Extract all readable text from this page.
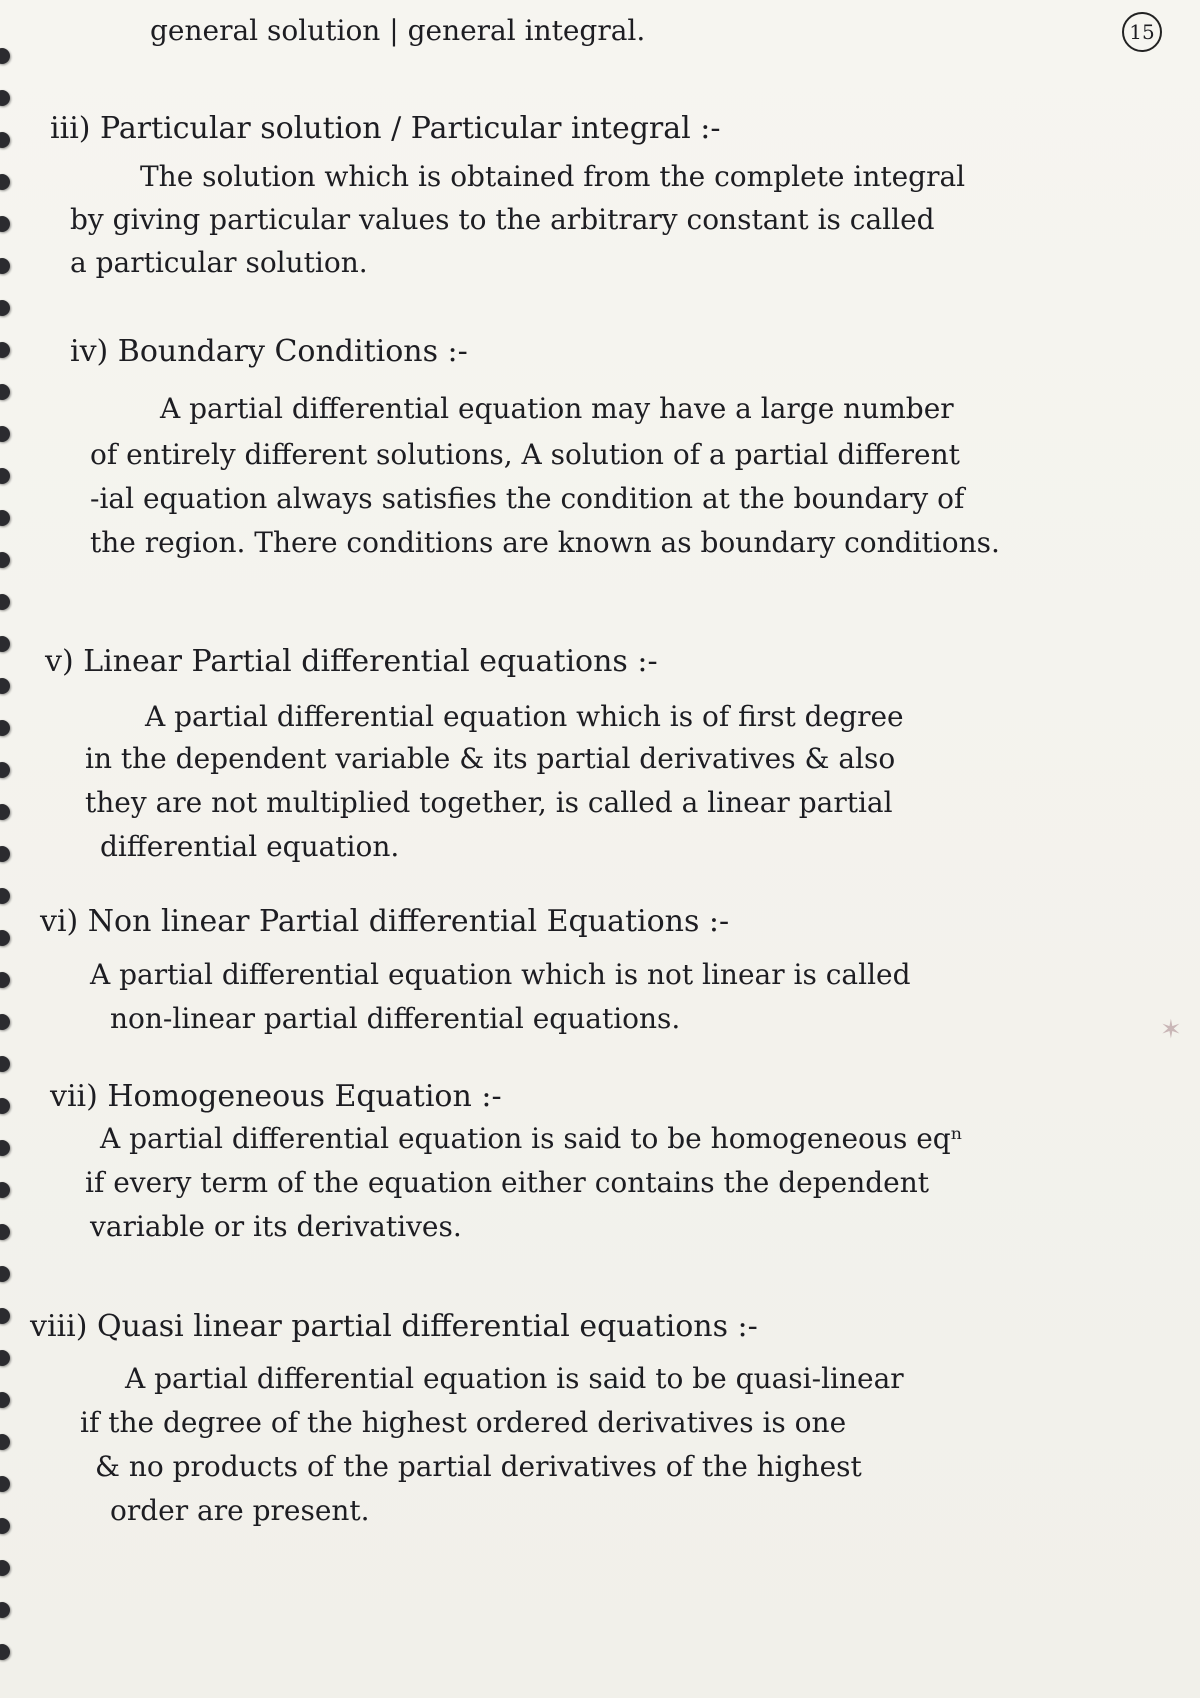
15
general solution | general integral.
iii) Particular solution / Particular integral :-
The solution which is obtained from the complete integral
by giving particular values to the arbitrary constant is called
a particular solution.
iv) Boundary Conditions :-
A partial differential equation may have a large number
of entirely different solutions, A solution of a partial different
-ial equation always satisfies the condition at the boundary of
the region. There conditions are known as boundary conditions.
v) Linear Partial differential equations :-
A partial differential equation which is of first degree
in the dependent variable & its partial derivatives & also
they are not multiplied together, is called a linear partial
differential equation.
vi) Non linear Partial differential Equations :-
A partial differential equation which is not linear is called
non-linear partial differential equations.
vii) Homogeneous Equation :-
A partial differential equation is said to be homogeneous eqⁿ
if every term of the equation either contains the dependent
variable or its derivatives.
viii) Quasi linear partial differential equations :-
A partial differential equation is said to be quasi-linear
if the degree of the highest ordered derivatives is one
& no products of the partial derivatives of the highest
order are present.
✶
